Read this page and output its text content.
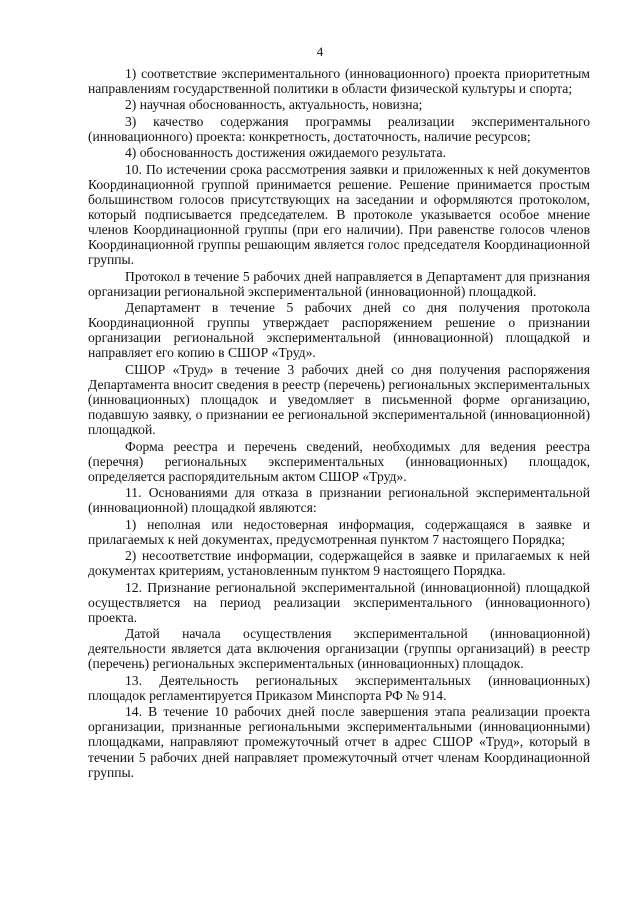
4

1) соответствие экспериментального (инновационного) проекта приоритетным направлениям государственной политики в области физической культуры и спорта;

2) научная обоснованность, актуальность, новизна;

3) качество содержания программы реализации экспериментального (инновационного) проекта: конкретность, достаточность, наличие ресурсов;

4) обоснованность достижения ожидаемого результата.

10. По истечении срока рассмотрения заявки и приложенных к ней документов Координационной группой принимается решение. Решение принимается простым большинством голосов присутствующих на заседании и оформляются протоколом, который подписывается председателем. В протоколе указывается особое мнение членов Координационной группы (при его наличии). При равенстве голосов членов Координационной группы решающим является голос председателя Координационной группы.

Протокол в течение 5 рабочих дней направляется в Департамент для признания организации региональной экспериментальной (инновационной) площадкой.

Департамент в течение 5 рабочих дней со дня получения протокола Координационной группы утверждает распоряжением решение о признании организации региональной экспериментальной (инновационной) площадкой и направляет его копию в СШОР «Труд».

СШОР «Труд» в течение 3 рабочих дней со дня получения распоряжения Департамента вносит сведения в реестр (перечень) региональных экспериментальных (инновационных) площадок и уведомляет в письменной форме организацию, подавшую заявку, о признании ее региональной экспериментальной (инновационной) площадкой.

Форма реестра и перечень сведений, необходимых для ведения реестра (перечня) региональных экспериментальных (инновационных) площадок, определяется распорядительным актом СШОР «Труд».

11. Основаниями для отказа в признании региональной экспериментальной (инновационной) площадкой являются:

1) неполная или недостоверная информация, содержащаяся в заявке и прилагаемых к ней документах, предусмотренная пунктом 7 настоящего Порядка;

2) несоответствие информации, содержащейся в заявке и прилагаемых к ней документах критериям, установленным пунктом 9 настоящего Порядка.

12. Признание региональной экспериментальной (инновационной) площадкой осуществляется на период реализации экспериментального (инновационного) проекта.

Датой начала осуществления экспериментальной (инновационной) деятельности является дата включения организации (группы организаций) в реестр (перечень) региональных экспериментальных (инновационных) площадок.

13. Деятельность региональных экспериментальных (инновационных) площадок регламентируется Приказом Минспорта РФ № 914.

14. В течение 10 рабочих дней после завершения этапа реализации проекта организации, признанные региональными экспериментальными (инновационными) площадками, направляют промежуточный отчет в адрес СШОР «Труд», который в течении 5 рабочих дней направляет промежуточный отчет членам Координационной группы.
